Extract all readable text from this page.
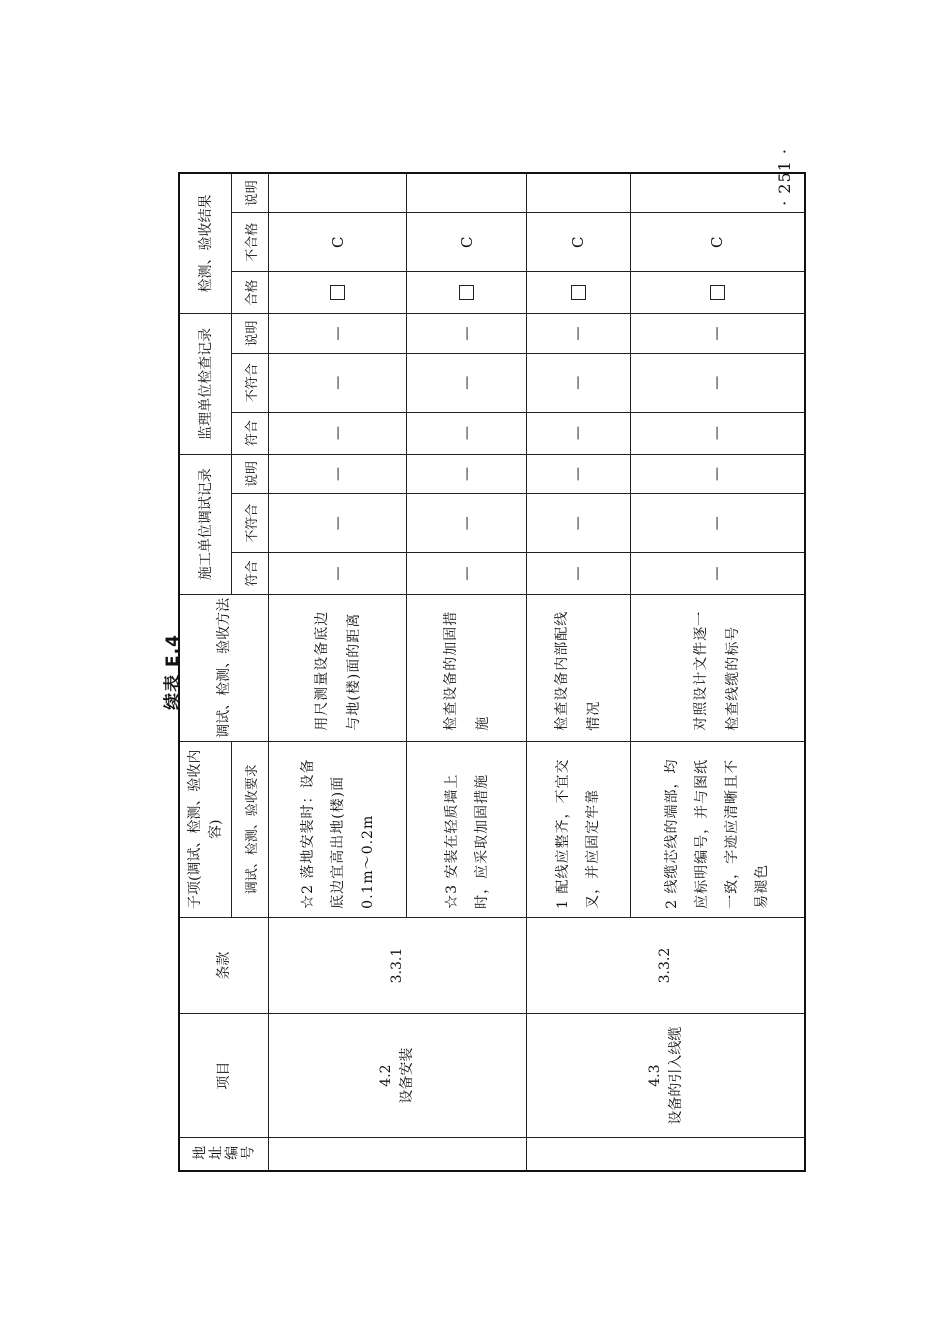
续表 E.4
地址编号	项目	条款	子项(调试、检测、验收内容)	调试、检测、验收方法	施工单位调试记录			监理单位检查记录			检测、验收结果		
			调试、检测、验收要求		符合	不符合	说明	符合	不符合	说明	合格	不合格	说明

	4.2 设备安装	3.3.1	☆2 落地安装时：设备底边宜高出地(楼)面 0.1m～0.2m	用尺测量设备底边与地(楼)面的距离	—	—	—	—	—	—		C	
			☆3 安装在轻质墙上时，应采取加固措施	检查设备的加固措施	—	—	—	—	—	—		C	

	4.3 设备的引入线缆	3.3.2	1 配线应整齐，不宜交叉，并应固定牢靠	检查设备内部配线情况	—	—	—	—	—	—		C	
			2 线缆芯线的端部，均应标明编号，并与图纸一致，字迹应清晰且不易褪色	对照设计文件逐一检查线缆的标号	—	—	—	—	—	—		C	
· 251 ·
